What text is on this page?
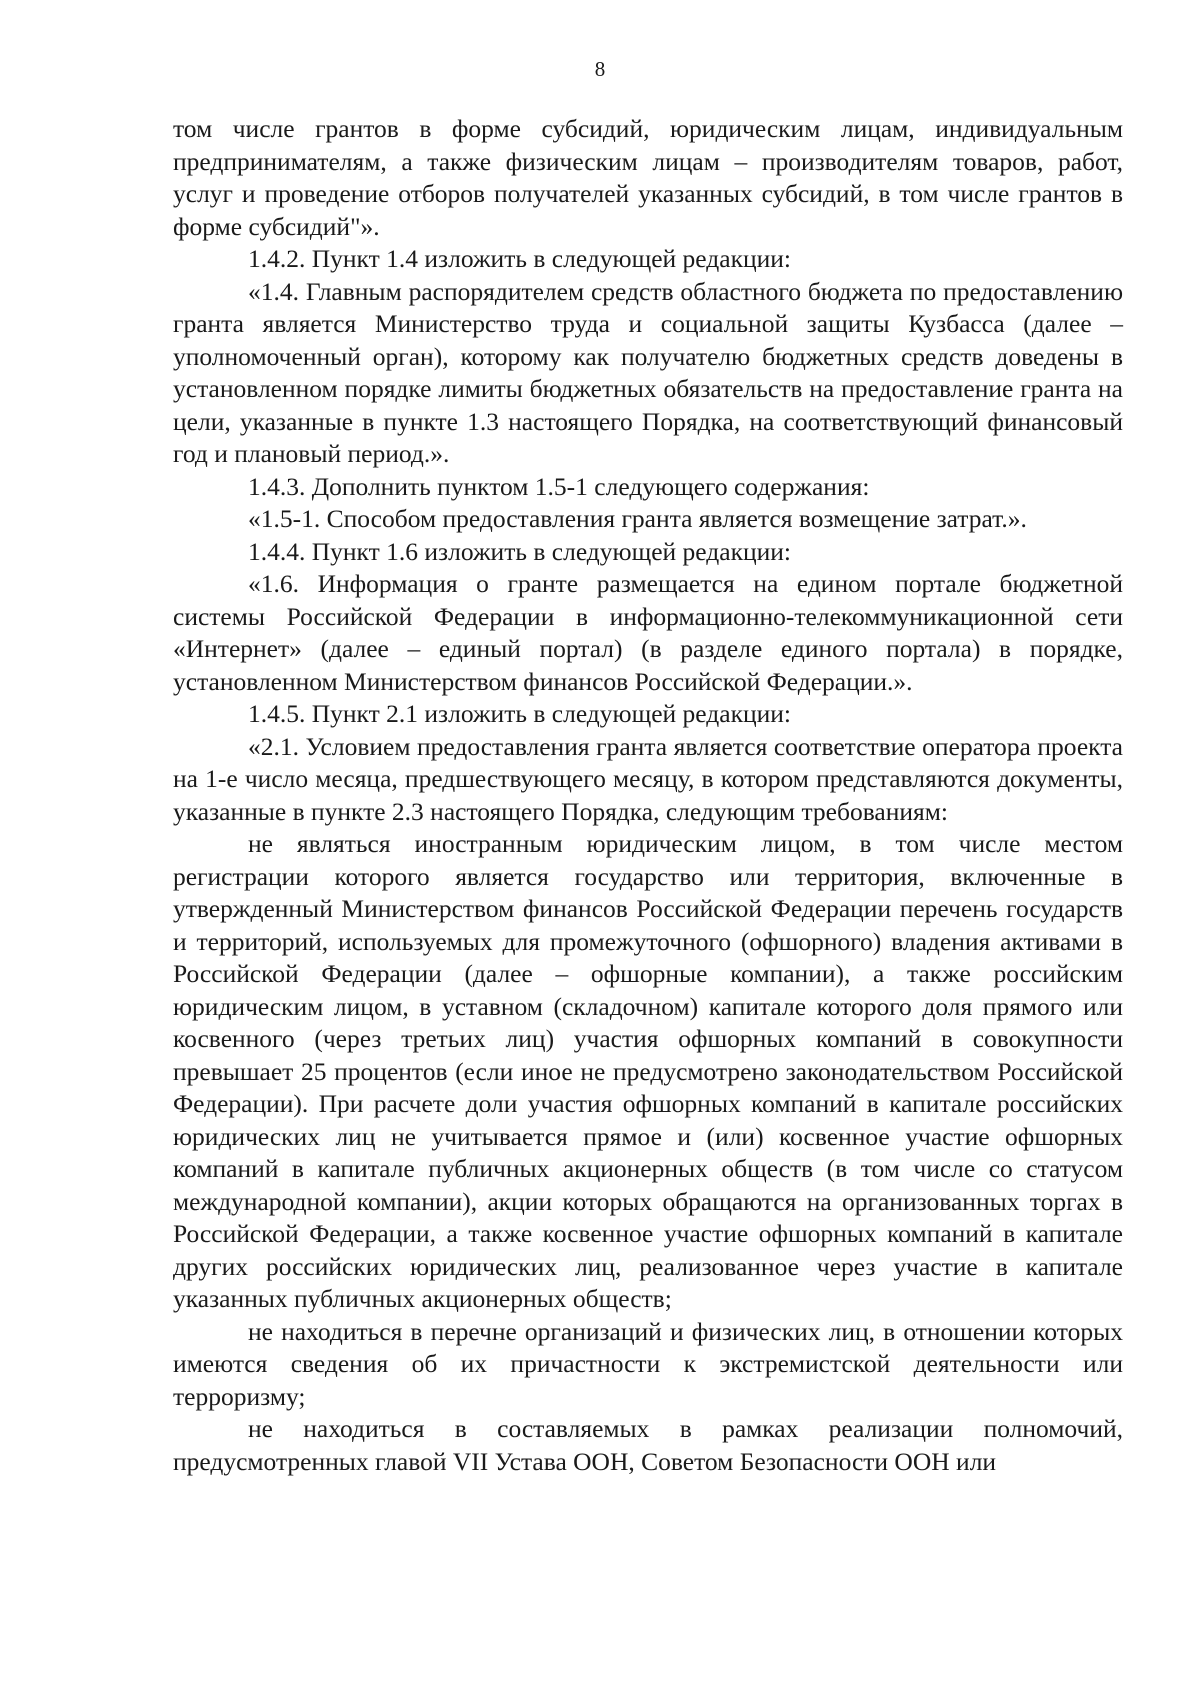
8

том числе грантов в форме субсидий, юридическим лицам, индивидуальным предпринимателям, а также физическим лицам – производителям товаров, работ, услуг и проведение отборов получателей указанных субсидий, в том числе грантов в форме субсидий"».

1.4.2. Пункт 1.4 изложить в следующей редакции:

«1.4. Главным распорядителем средств областного бюджета по предоставлению гранта является Министерство труда и социальной защиты Кузбасса (далее – уполномоченный орган), которому как получателю бюджетных средств доведены в установленном порядке лимиты бюджетных обязательств на предоставление гранта на цели, указанные в пункте 1.3 настоящего Порядка, на соответствующий финансовый год и плановый период.».

1.4.3. Дополнить пунктом 1.5-1 следующего содержания:

«1.5-1. Способом предоставления гранта является возмещение затрат.».

1.4.4. Пункт 1.6 изложить в следующей редакции:

«1.6. Информация о гранте размещается на едином портале бюджетной системы Российской Федерации в информационно-телекоммуникационной сети «Интернет» (далее – единый портал) (в разделе единого портала) в порядке, установленном Министерством финансов Российской Федерации.».

1.4.5. Пункт 2.1 изложить в следующей редакции:

«2.1. Условием предоставления гранта является соответствие оператора проекта на 1-е число месяца, предшествующего месяцу, в котором представляются документы, указанные в пункте 2.3 настоящего Порядка, следующим требованиям:

не являться иностранным юридическим лицом, в том числе местом регистрации которого является государство или территория, включенные в утвержденный Министерством финансов Российской Федерации перечень государств и территорий, используемых для промежуточного (офшорного) владения активами в Российской Федерации (далее – офшорные компании), а также российским юридическим лицом, в уставном (складочном) капитале которого доля прямого или косвенного (через третьих лиц) участия офшорных компаний в совокупности превышает 25 процентов (если иное не предусмотрено законодательством Российской Федерации). При расчете доли участия офшорных компаний в капитале российских юридических лиц не учитывается прямое и (или) косвенное участие офшорных компаний в капитале публичных акционерных обществ (в том числе со статусом международной компании), акции которых обращаются на организованных торгах в Российской Федерации, а также косвенное участие офшорных компаний в капитале других российских юридических лиц, реализованное через участие в капитале указанных публичных акционерных обществ;

не находиться в перечне организаций и физических лиц, в отношении которых имеются сведения об их причастности к экстремистской деятельности или терроризму;

не находиться в составляемых в рамках реализации полномочий, предусмотренных главой VII Устава ООН, Советом Безопасности ООН или
